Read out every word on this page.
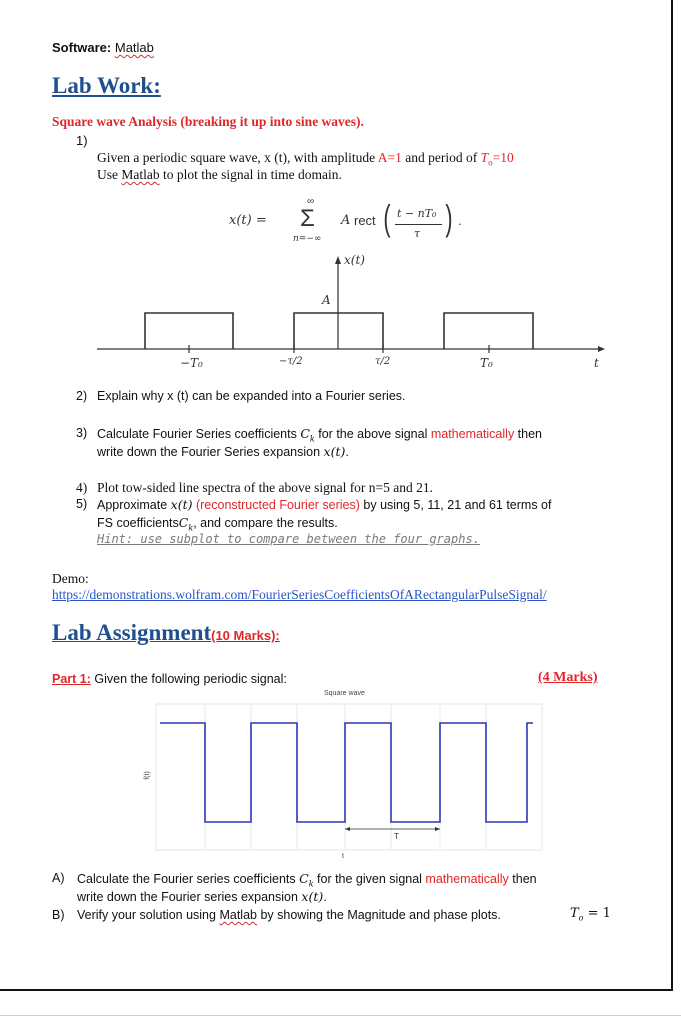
Software: Matlab
Lab Work:
Square wave Analysis (breaking it up into sine waves).
1)
Given a periodic square wave, x (t), with amplitude A=1 and period of $T_o=10$
Use Matlab to plot the signal in time domain.
x(t) =
∞
Σ
n=−∞
A rect ( t − nT₀
τ ) .
x(t)
A
−T₀	−τ/2	τ/2	T₀	t
2) Explain why x (t) can be expanded into a Fourier series.
3) Calculate Fourier Series coefficients $C_k$ for the above signal mathematically then
write down the Fourier Series expansion x(t).
4) Plot tow-sided line spectra of the above signal for n=5 and 21.
5) Approximate x(t) (reconstructed Fourier series) by using 5, 11, 21 and 61 terms of
FS coefficientsC$_k$, and compare the results.
Hint: use subplot to compare between the four graphs.
Demo:
https://demonstrations.wolfram.com/FourierSeriesCoefficientsOfARectangularPulseSignal/
Lab Assignment(10 Marks):
Part 1: Given the following periodic signal:	(4 Marks)
Square wave
f(t)
T
t
A) Calculate the Fourier series coefficients $C_k$ for the given signal mathematically then
write down the Fourier series expansion x(t).
B) Verify your solution using Matlab by showing the Magnitude and phase plots.	$T_o = 1$
